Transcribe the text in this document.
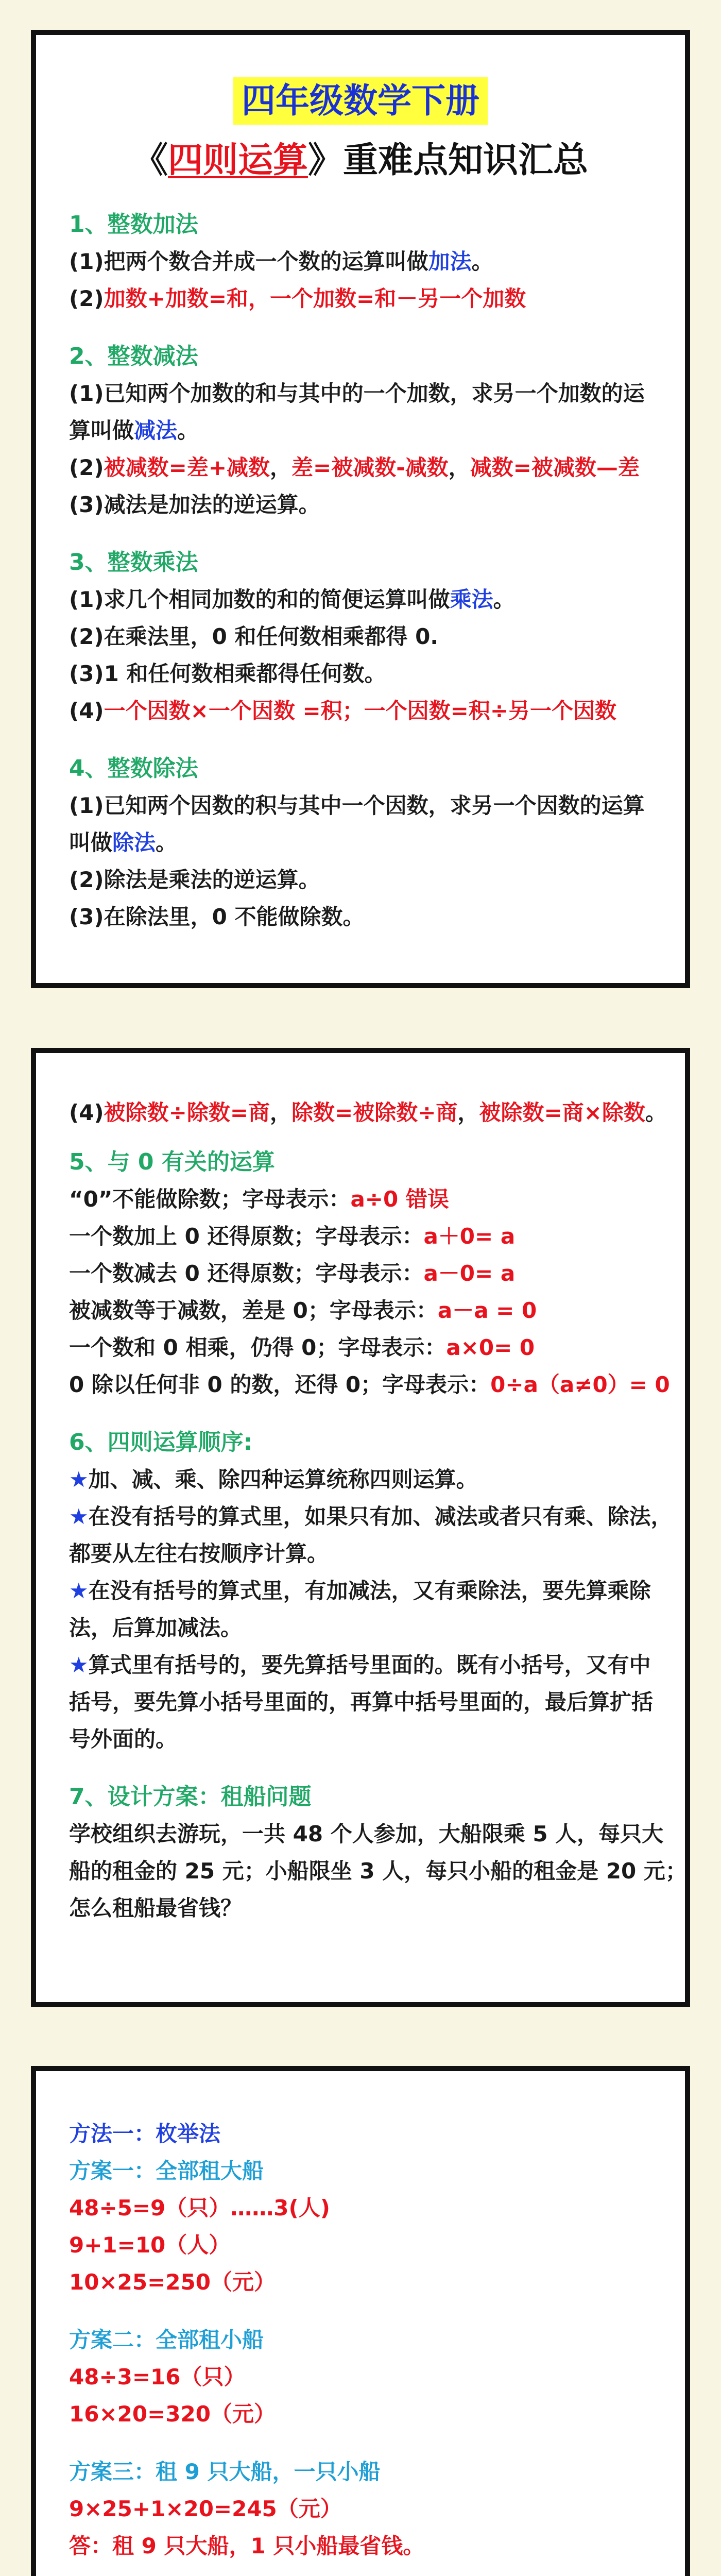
四年级数学下册
《四则运算》重难点知识汇总
1、整数加法
(1)把两个数合并成一个数的运算叫做加法。
(2)加数+加数=和，一个加数=和－另一个加数
2、整数减法
(1)已知两个加数的和与其中的一个加数，求另一个加数的运
算叫做减法。
(2)被减数=差+减数，差=被减数-减数，减数=被减数—差
(3)减法是加法的逆运算。
3、整数乘法
(1)求几个相同加数的和的简便运算叫做乘法。
(2)在乘法里，0 和任何数相乘都得 0.
(3)1 和任何数相乘都得任何数。
(4)一个因数×一个因数 =积；一个因数=积÷另一个因数
4、整数除法
(1)已知两个因数的积与其中一个因数，求另一个因数的运算
叫做除法。
(2)除法是乘法的逆运算。
(3)在除法里，0 不能做除数。
(4)被除数÷除数=商，除数=被除数÷商，被除数=商×除数。
5、与 0 有关的运算
“0”不能做除数；字母表示：a÷0 错误
一个数加上 0 还得原数；字母表示：a＋0= a
一个数减去 0 还得原数；字母表示：a－0= a
被减数等于减数，差是 0；字母表示：a－a = 0
一个数和 0 相乘，仍得 0；字母表示：a×0= 0
0 除以任何非 0 的数，还得 0；字母表示：0÷a（a≠0）= 0
6、四则运算顺序:
★加、减、乘、除四种运算统称四则运算。
★在没有括号的算式里，如果只有加、减法或者只有乘、除法，
都要从左往右按顺序计算。
★在没有括号的算式里，有加减法，又有乘除法，要先算乘除
法，后算加减法。
★算式里有括号的，要先算括号里面的。既有小括号，又有中
括号，要先算小括号里面的，再算中括号里面的，最后算扩括
号外面的。
7、设计方案：租船问题
学校组织去游玩，一共 48 个人参加，大船限乘 5 人，每只大
船的租金的 25 元；小船限坐 3 人，每只小船的租金是 20 元；
怎么租船最省钱？
方法一：枚举法
方案一：全部租大船
48÷5=9（只）……3(人)
9+1=10（人）
10×25=250（元）
方案二：全部租小船
48÷3=16（只）
16×20=320（元）
方案三：租 9 只大船，一只小船
9×25+1×20=245（元）
答：租 9 只大船，1 只小船最省钱。
